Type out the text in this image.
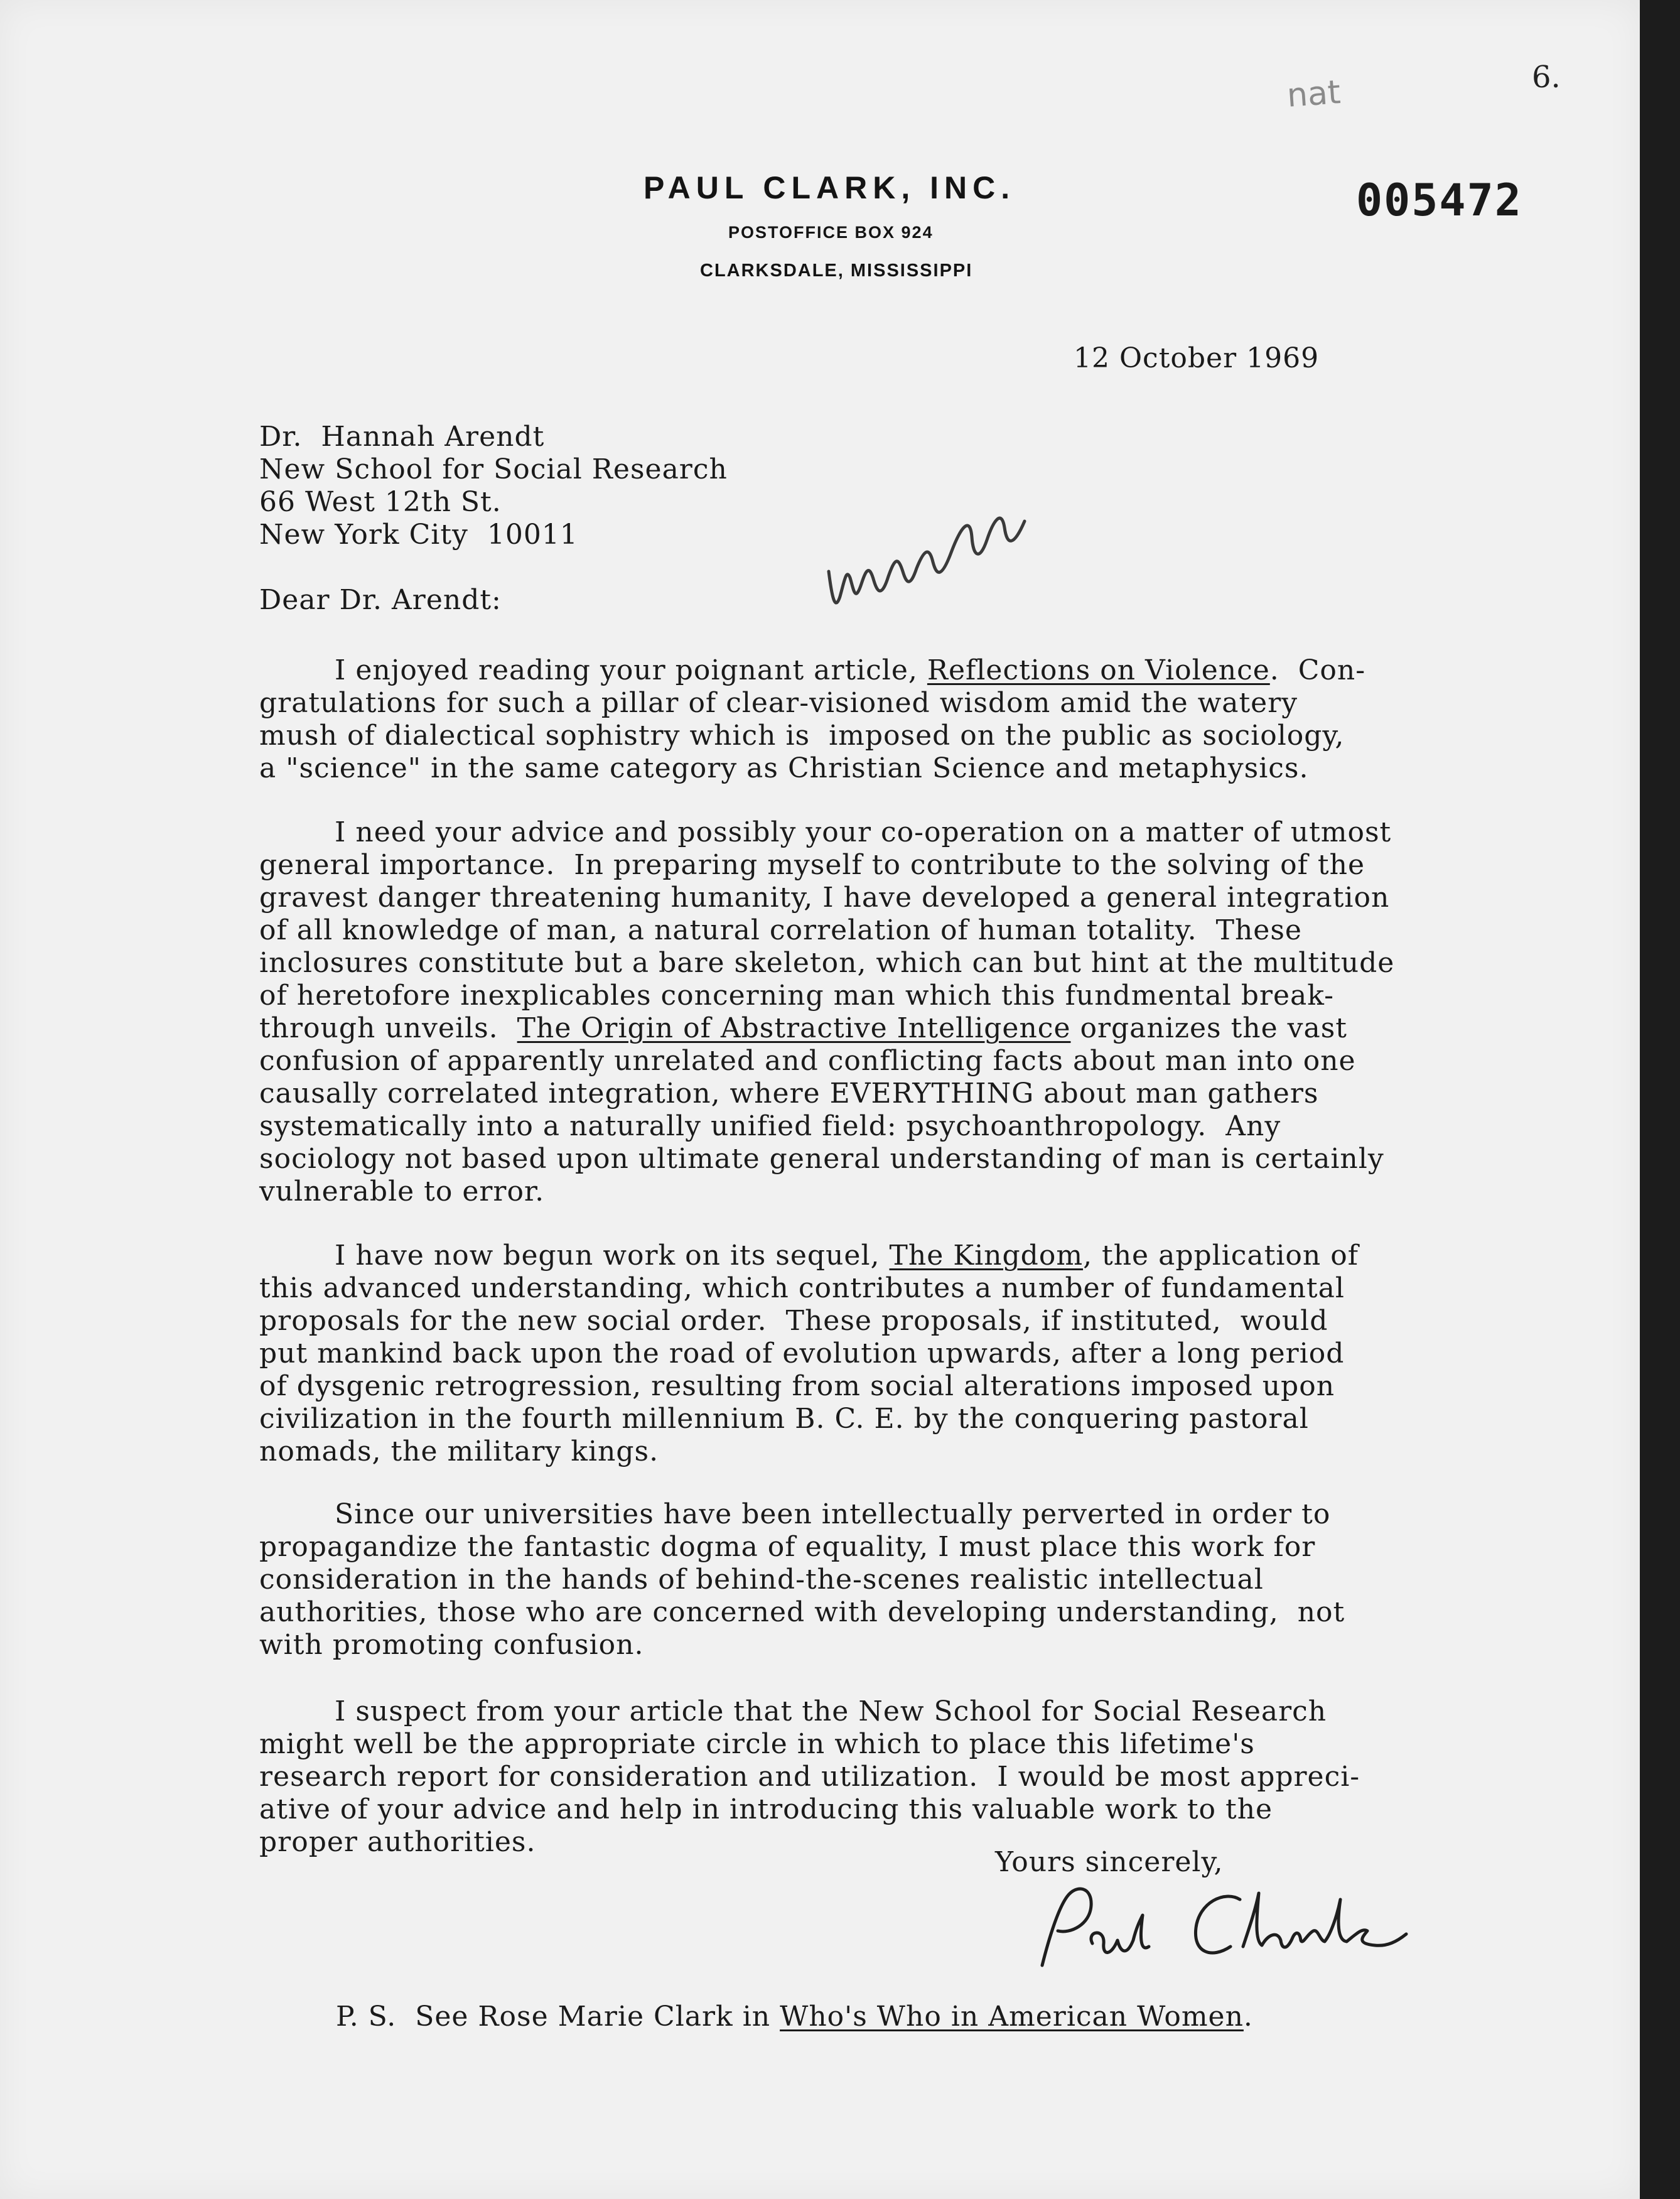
nat	6.

PAUL CLARK, INC.

POSTOFFICE BOX 924

CLARKSDALE, MISSISSIPPI

005472

12 October 1969

Dr.  Hannah Arendt

New School for Social Research

66 West 12th St.

New York City  10011

Dear Dr. Arendt:

I enjoyed reading your poignant article, Reflections on Violence.  Con-
gratulations for such a pillar of clear-visioned wisdom amid the watery
mush of dialectical sophistry which is  imposed on the public as sociology,
a "science" in the same category as Christian Science and metaphysics.
I need your advice and possibly your co-operation on a matter of utmost
general importance.  In preparing myself to contribute to the solving of the
gravest danger threatening humanity, I have developed a general integration
of all knowledge of man, a natural correlation of human totality.  These
inclosures constitute but a bare skeleton, which can but hint at the multitude
of heretofore inexplicables concerning man which this fundmental break-
through unveils.  The Origin of Abstractive Intelligence organizes the vast
confusion of apparently unrelated and conflicting facts about man into one
causally correlated integration, where EVERYTHING about man gathers
systematically into a naturally unified field: psychoanthropology.  Any
sociology not based upon ultimate general understanding of man is certainly
vulnerable to error.
I have now begun work on its sequel, The Kingdom, the application of
this advanced understanding, which contributes a number of fundamental
proposals for the new social order.  These proposals, if instituted,  would
put mankind back upon the road of evolution upwards, after a long period
of dysgenic retrogression, resulting from social alterations imposed upon
civilization in the fourth millennium B. C. E. by the conquering pastoral
nomads, the military kings.
Since our universities have been intellectually perverted in order to
propagandize the fantastic dogma of equality, I must place this work for
consideration in the hands of behind-the-scenes realistic intellectual
authorities, those who are concerned with developing understanding,  not
with promoting confusion.
I suspect from your article that the New School for Social Research
might well be the appropriate circle in which to place this lifetime's
research report for consideration and utilization.  I would be most appreci-
ative of your advice and help in introducing this valuable work to the
proper authorities.

Yours sincerely,

P. S.  See Rose Marie Clark in Who's Who in American Women.
